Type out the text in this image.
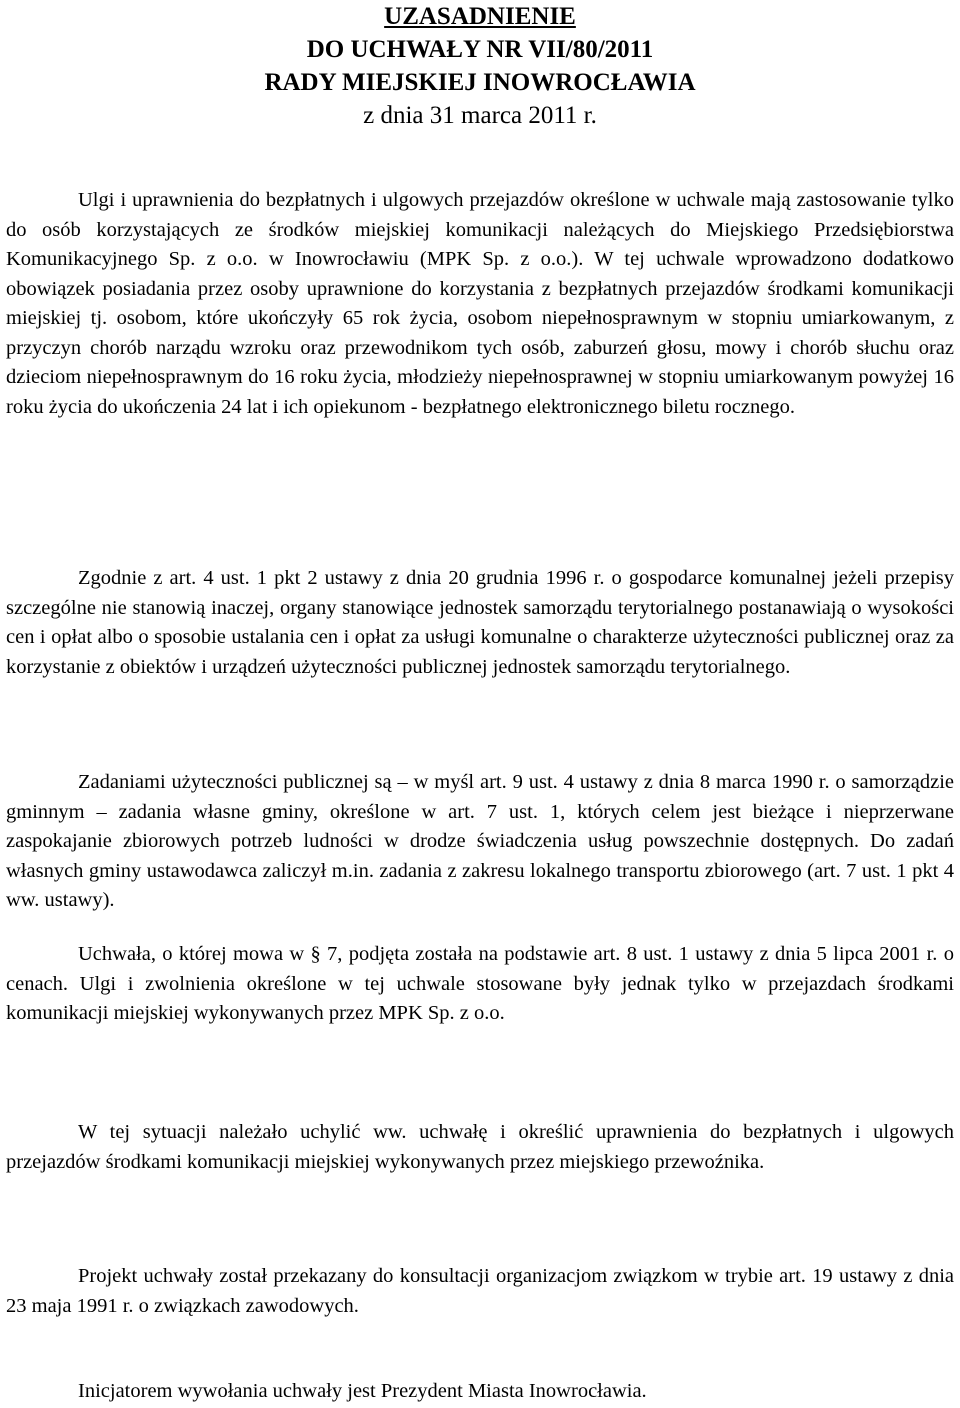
UZASADNIENIE
DO UCHWAŁY NR VII/80/2011
RADY MIEJSKIEJ INOWROCŁAWIA
z dnia 31 marca 2011 r.

Ulgi i uprawnienia do bezpłatnych i ulgowych przejazdów określone w uchwale mają zastosowanie tylko do osób korzystających ze środków miejskiej komunikacji należących do Miejskiego Przedsiębiorstwa Komunikacyjnego Sp. z o.o. w Inowrocławiu (MPK Sp. z o.o.). W tej uchwale wprowadzono dodatkowo obowiązek posiadania przez osoby uprawnione do korzystania z bezpłatnych przejazdów środkami komunikacji miejskiej tj. osobom, które ukończyły 65 rok życia, osobom niepełnosprawnym w stopniu umiarkowanym, z przyczyn chorób narządu wzroku oraz przewodnikom tych osób, zaburzeń głosu, mowy i chorób słuchu oraz dzieciom niepełnosprawnym do 16 roku życia, młodzieży niepełnosprawnej w stopniu umiarkowanym powyżej 16 roku życia do ukończenia 24 lat i ich opiekunom - bezpłatnego elektronicznego biletu rocznego.

Zgodnie z art. 4 ust. 1 pkt 2 ustawy z dnia 20 grudnia 1996 r. o gospodarce komunalnej jeżeli przepisy szczególne nie stanowią inaczej, organy stanowiące jednostek samorządu terytorialnego postanawiają o wysokości cen i opłat albo o sposobie ustalania cen i opłat za usługi komunalne o charakterze użyteczności publicznej oraz za korzystanie z obiektów i urządzeń użyteczności publicznej jednostek samorządu terytorialnego.

Zadaniami użyteczności publicznej są – w myśl art. 9 ust. 4 ustawy z dnia 8 marca 1990 r. o samorządzie gminnym – zadania własne gminy, określone w art. 7 ust. 1, których celem jest bieżące i nieprzerwane zaspokajanie zbiorowych potrzeb ludności w drodze świadczenia usług powszechnie dostępnych. Do zadań własnych gminy ustawodawca zaliczył m.in. zadania z zakresu lokalnego transportu zbiorowego (art. 7 ust. 1 pkt 4 ww. ustawy).

Uchwała, o której mowa w § 7, podjęta została na podstawie art. 8 ust. 1 ustawy z dnia 5 lipca 2001 r. o cenach. Ulgi i zwolnienia określone w tej uchwale stosowane były jednak tylko w przejazdach środkami komunikacji miejskiej wykonywanych przez MPK Sp. z o.o.

W tej sytuacji należało uchylić ww. uchwałę i określić uprawnienia do bezpłatnych i ulgowych przejazdów środkami komunikacji miejskiej wykonywanych przez miejskiego przewoźnika.

Projekt uchwały został przekazany do konsultacji organizacjom związkom w trybie art. 19 ustawy z dnia 23 maja 1991 r. o związkach zawodowych.

Inicjatorem wywołania uchwały jest Prezydent Miasta Inowrocławia.
